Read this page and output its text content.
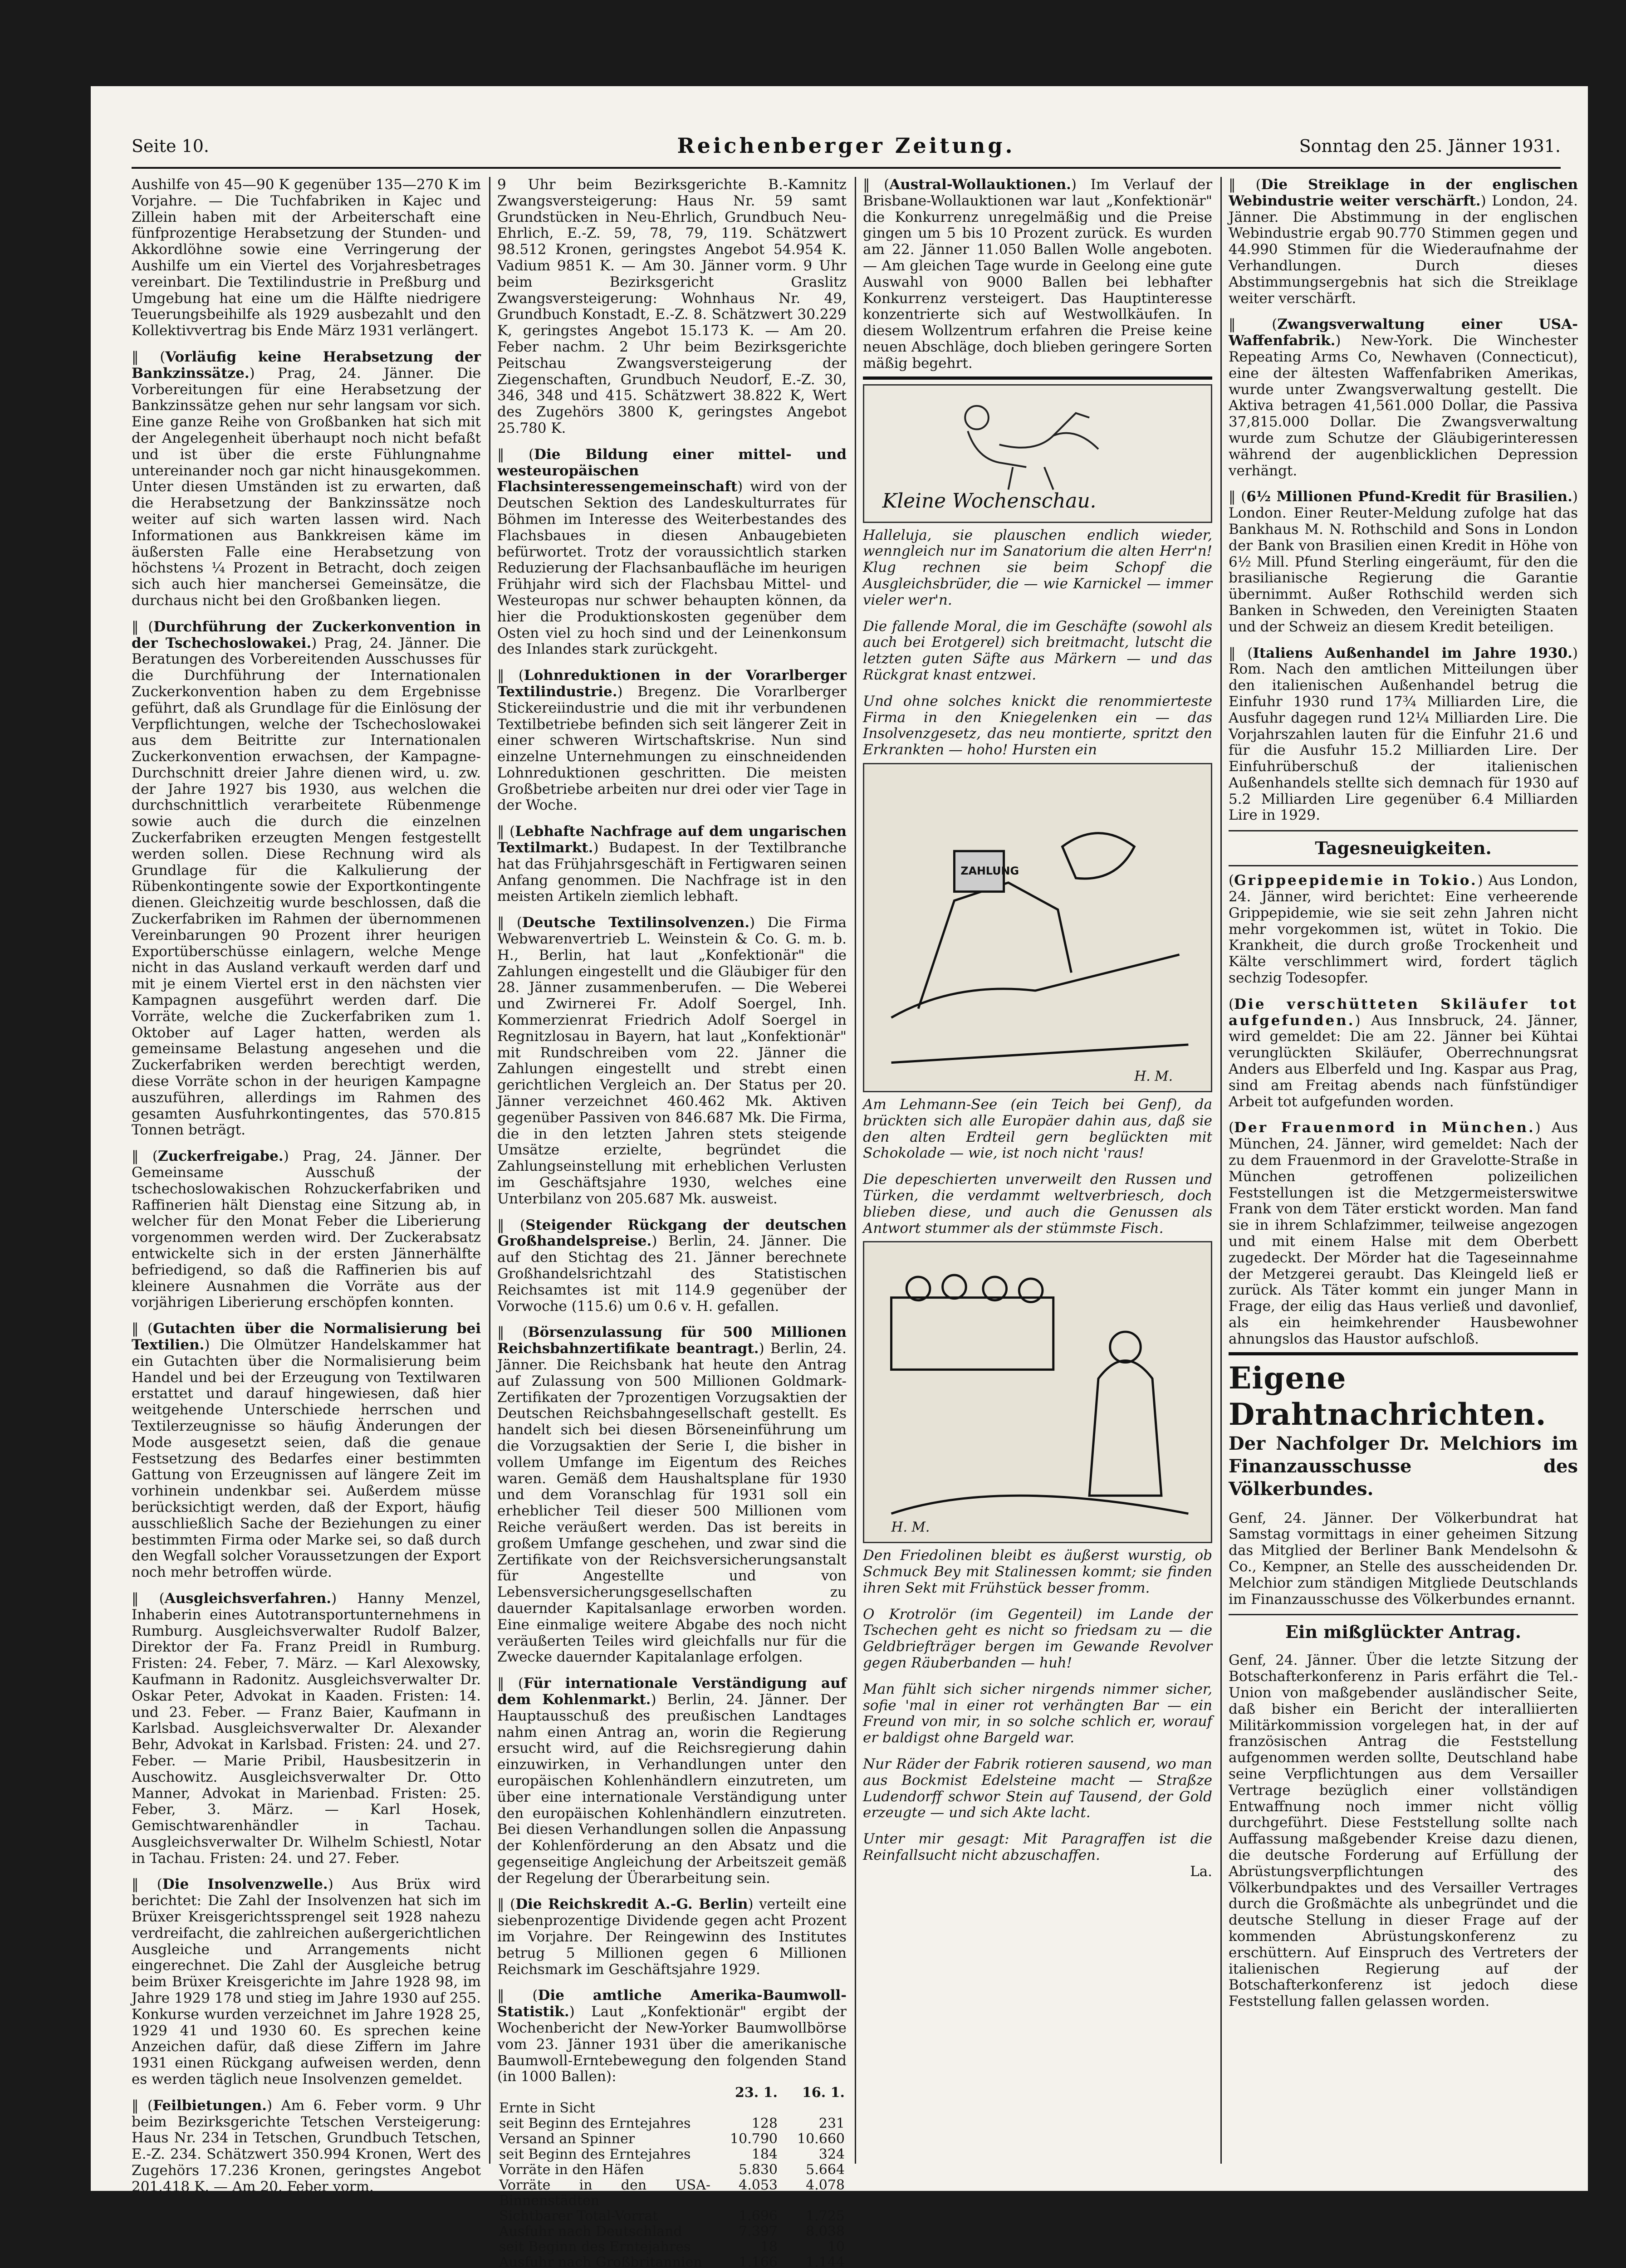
Seite 10.	Reichenberger Zeitung.	Sonntag den 25. Jänner 1931.

Aushilfe von 45—90 K gegenüber 135—270 K im Vorjahre. — Die Tuchfabriken in Kajec und Zillein haben mit der Arbeiterschaft eine fünfprozentige Herabsetzung der Stunden- und Akkordlöhne sowie eine Verringerung der Aushilfe um ein Viertel des Vorjahresbetrages vereinbart. Die Textilindustrie in Preßburg und Umgebung hat eine um die Hälfte niedrigere Teuerungsbeihilfe als 1929 ausbezahlt und den Kollektivvertrag bis Ende März 1931 verlängert.

‖ (Vorläufig keine Herabsetzung der Bankzinssätze.) Prag, 24. Jänner. Die Vorbereitungen für eine Herabsetzung der Bankzinssätze gehen nur sehr langsam vor sich. Eine ganze Reihe von Großbanken hat sich mit der Angelegenheit überhaupt noch nicht befaßt und ist über die erste Fühlungnahme untereinander noch gar nicht hinausgekommen. Unter diesen Umständen ist zu erwarten, daß die Herabsetzung der Bankzinssätze noch weiter auf sich warten lassen wird. Nach Informationen aus Bankkreisen käme im äußersten Falle eine Herabsetzung von höchstens ¼ Prozent in Betracht, doch zeigen sich auch hier manchersei Gemeinsätze, die durchaus nicht bei den Großbanken liegen.

‖ (Durchführung der Zuckerkonvention in der Tschechoslowakei.) Prag, 24. Jänner. Die Beratungen des Vorbereitenden Ausschusses für die Durchführung der Internationalen Zuckerkonvention haben zu dem Ergebnisse geführt, daß als Grundlage für die Einlösung der Verpflichtungen, welche der Tschechoslowakei aus dem Beitritte zur Internationalen Zuckerkonvention erwachsen, der Kampagne-Durchschnitt dreier Jahre dienen wird, u. zw. der Jahre 1927 bis 1930, aus welchen die durchschnittlich verarbeitete Rübenmenge sowie auch die durch die einzelnen Zuckerfabriken erzeugten Mengen festgestellt werden sollen. Diese Rechnung wird als Grundlage für die Kalkulierung der Rübenkontingente sowie der Exportkontingente dienen. Gleichzeitig wurde beschlossen, daß die Zuckerfabriken im Rahmen der übernommenen Vereinbarungen 90 Prozent ihrer heurigen Exportüberschüsse einlagern, welche Menge nicht in das Ausland verkauft werden darf und mit je einem Viertel erst in den nächsten vier Kampagnen ausgeführt werden darf. Die Vorräte, welche die Zuckerfabriken zum 1. Oktober auf Lager hatten, werden als gemeinsame Belastung angesehen und die Zuckerfabriken werden berechtigt werden, diese Vorräte schon in der heurigen Kampagne auszuführen, allerdings im Rahmen des gesamten Ausfuhrkontingentes, das 570.815 Tonnen beträgt.

‖ (Zuckerfreigabe.) Prag, 24. Jänner. Der Gemeinsame Ausschuß der tschechoslowakischen Rohzuckerfabriken und Raffinerien hält Dienstag eine Sitzung ab, in welcher für den Monat Feber die Liberierung vorgenommen werden wird. Der Zuckerabsatz entwickelte sich in der ersten Jännerhälfte befriedigend, so daß die Raffinerien bis auf kleinere Ausnahmen die Vorräte aus der vorjährigen Liberierung erschöpfen konnten.

‖ (Gutachten über die Normalisierung bei Textilien.) Die Olmützer Handelskammer hat ein Gutachten über die Normalisierung beim Handel und bei der Erzeugung von Textilwaren erstattet und darauf hingewiesen, daß hier weitgehende Unterschiede herrschen und Textilerzeugnisse so häufig Änderungen der Mode ausgesetzt seien, daß die genaue Festsetzung des Bedarfes einer bestimmten Gattung von Erzeugnissen auf längere Zeit im vorhinein undenkbar sei. Außerdem müsse berücksichtigt werden, daß der Export, häufig ausschließlich Sache der Beziehungen zu einer bestimmten Firma oder Marke sei, so daß durch den Wegfall solcher Voraussetzungen der Export noch mehr betroffen würde.

‖ (Ausgleichsverfahren.) Hanny Menzel, Inhaberin eines Autotransportunternehmens in Rumburg. Ausgleichsverwalter Rudolf Balzer, Direktor der Fa. Franz Preidl in Rumburg. Fristen: 24. Feber, 7. März. — Karl Alexowsky, Kaufmann in Radonitz. Ausgleichsverwalter Dr. Oskar Peter, Advokat in Kaaden. Fristen: 14. und 23. Feber. — Franz Baier, Kaufmann in Karlsbad. Ausgleichsverwalter Dr. Alexander Behr, Advokat in Karlsbad. Fristen: 24. und 27. Feber. — Marie Pribil, Hausbesitzerin in Auschowitz. Ausgleichsverwalter Dr. Otto Manner, Advokat in Marienbad. Fristen: 25. Feber, 3. März. — Karl Hosek, Gemischtwarenhändler in Tachau. Ausgleichsverwalter Dr. Wilhelm Schiestl, Notar in Tachau. Fristen: 24. und 27. Feber.

‖ (Die Insolvenzwelle.) Aus Brüx wird berichtet: Die Zahl der Insolvenzen hat sich im Brüxer Kreisgerichtssprengel seit 1928 nahezu verdreifacht, die zahlreichen außergerichtlichen Ausgleiche und Arrangements nicht eingerechnet. Die Zahl der Ausgleiche betrug beim Brüxer Kreisgerichte im Jahre 1928 98, im Jahre 1929 178 und stieg im Jahre 1930 auf 255. Konkurse wurden verzeichnet im Jahre 1928 25, 1929 41 und 1930 60. Es sprechen keine Anzeichen dafür, daß diese Ziffern im Jahre 1931 einen Rückgang aufweisen werden, denn es werden täglich neue Insolvenzen gemeldet.

‖ (Feilbietungen.) Am 6. Feber vorm. 9 Uhr beim Bezirksgerichte Tetschen Versteigerung: Haus Nr. 234 in Tetschen, Grundbuch Tetschen, E.-Z. 234. Schätzwert 350.994 Kronen, Wert des Zugehörs 17.236 Kronen, geringstes Angebot 201.418 K. — Am 20. Feber vorm.

9 Uhr beim Bezirksgerichte B.-Kamnitz Zwangsversteigerung: Haus Nr. 59 samt Grundstücken in Neu-Ehrlich, Grundbuch Neu-Ehrlich, E.-Z. 59, 78, 79, 119. Schätzwert 98.512 Kronen, geringstes Angebot 54.954 K. Vadium 9851 K. — Am 30. Jänner vorm. 9 Uhr beim Bezirksgericht Graslitz Zwangsversteigerung: Wohnhaus Nr. 49, Grundbuch Konstadt, E.-Z. 8. Schätzwert 30.229 K, geringstes Angebot 15.173 K. — Am 20. Feber nachm. 2 Uhr beim Bezirksgerichte Peitschau Zwangsversteigerung der Ziegenschaften, Grundbuch Neudorf, E.-Z. 30, 346, 348 und 415. Schätzwert 38.822 K, Wert des Zugehörs 3800 K, geringstes Angebot 25.780 K.

‖ (Die Bildung einer mittel- und westeuropäischen Flachsinteressengemeinschaft) wird von der Deutschen Sektion des Landeskulturrates für Böhmen im Interesse des Weiterbestandes des Flachsbaues in diesen Anbaugebieten befürwortet. Trotz der voraussichtlich starken Reduzierung der Flachsanbaufläche im heurigen Frühjahr wird sich der Flachsbau Mittel- und Westeuropas nur schwer behaupten können, da hier die Produktionskosten gegenüber dem Osten viel zu hoch sind und der Leinenkonsum des Inlandes stark zurückgeht.

‖ (Lohnreduktionen in der Vorarlberger Textilindustrie.) Bregenz. Die Vorarlberger Stickereiindustrie und die mit ihr verbundenen Textilbetriebe befinden sich seit längerer Zeit in einer schweren Wirtschaftskrise. Nun sind einzelne Unternehmungen zu einschneidenden Lohnreduktionen geschritten. Die meisten Großbetriebe arbeiten nur drei oder vier Tage in der Woche.

‖ (Lebhafte Nachfrage auf dem ungarischen Textilmarkt.) Budapest. In der Textilbranche hat das Frühjahrsgeschäft in Fertigwaren seinen Anfang genommen. Die Nachfrage ist in den meisten Artikeln ziemlich lebhaft.

‖ (Deutsche Textilinsolvenzen.) Die Firma Webwarenvertrieb L. Weinstein & Co. G. m. b. H., Berlin, hat laut „Konfektionär" die Zahlungen eingestellt und die Gläubiger für den 28. Jänner zusammenberufen. — Die Weberei und Zwirnerei Fr. Adolf Soergel, Inh. Kommerzienrat Friedrich Adolf Soergel in Regnitzlosau in Bayern, hat laut „Konfektionär" mit Rundschreiben vom 22. Jänner die Zahlungen eingestellt und strebt einen gerichtlichen Vergleich an. Der Status per 20. Jänner verzeichnet 460.462 Mk. Aktiven gegenüber Passiven von 846.687 Mk. Die Firma, die in den letzten Jahren stets steigende Umsätze erzielte, begründet die Zahlungseinstellung mit erheblichen Verlusten im Geschäftsjahre 1930, welches eine Unterbilanz von 205.687 Mk. ausweist.

‖ (Steigender Rückgang der deutschen Großhandelspreise.) Berlin, 24. Jänner. Die auf den Stichtag des 21. Jänner berechnete Großhandelsrichtzahl des Statistischen Reichsamtes ist mit 114.9 gegenüber der Vorwoche (115.6) um 0.6 v. H. gefallen.

‖ (Börsenzulassung für 500 Millionen Reichsbahnzertifikate beantragt.) Berlin, 24. Jänner. Die Reichsbank hat heute den Antrag auf Zulassung von 500 Millionen Goldmark-Zertifikaten der 7prozentigen Vorzugsaktien der Deutschen Reichsbahngesellschaft gestellt. Es handelt sich bei diesen Börseneinführung um die Vorzugsaktien der Serie I, die bisher in vollem Umfange im Eigentum des Reiches waren. Gemäß dem Haushaltsplane für 1930 und dem Voranschlag für 1931 soll ein erheblicher Teil dieser 500 Millionen vom Reiche veräußert werden. Das ist bereits in großem Umfange geschehen, und zwar sind die Zertifikate von der Reichsversicherungsanstalt für Angestellte und von Lebensversicherungsgesellschaften zu dauernder Kapitalsanlage erworben worden. Eine einmalige weitere Abgabe des noch nicht veräußerten Teiles wird gleichfalls nur für die Zwecke dauernder Kapitalanlage erfolgen.

‖ (Für internationale Verständigung auf dem Kohlenmarkt.) Berlin, 24. Jänner. Der Hauptausschuß des preußischen Landtages nahm einen Antrag an, worin die Regierung ersucht wird, auf die Reichsregierung dahin einzuwirken, in Verhandlungen unter den europäischen Kohlenhändlern einzutreten, um über eine internationale Verständigung unter den europäischen Kohlenhändlern einzutreten. Bei diesen Verhandlungen sollen die Anpassung der Kohlenförderung an den Absatz und die gegenseitige Angleichung der Arbeitszeit gemäß der Regelung der Überarbeitung sein.

‖ (Die Reichskredit A.-G. Berlin) verteilt eine siebenprozentige Dividende gegen acht Prozent im Vorjahre. Der Reingewinn des Institutes betrug 5 Millionen gegen 6 Millionen Reichsmark im Geschäftsjahre 1929.

‖ (Die amtliche Amerika-Baumwoll-Statistik.) Laut „Konfektionär" ergibt der Wochenbericht der New-Yorker Baumwollbörse vom 23. Jänner 1931 über die amerikanische Baumwoll-Erntebewegung den folgenden Stand (in 1000 Ballen):

	23. 1.	16. 1.
Ernte in Sicht		
seit Beginn des Erntejahres	128	231
Versand an Spinner	10.790	10.660
seit Beginn des Erntejahres	184	324
Vorräte in den Häfen	5.830	5.664
Vorräte in den USA-Binnenstädten	4.053	4.078
Sichtbarer Total-Vorrat	1.696	1.725
Ausfuhr nach Deutschland	7.397	8.038
seit Beginn des Erntejahres	18	10
Ausfuhr nach Großbritannien	1.166	1.144

‖ (Austral-Wollauktionen.) Im Verlauf der Brisbane-Wollauktionen war laut „Konfektionär" die Konkurrenz unregelmäßig und die Preise gingen um 5 bis 10 Prozent zurück. Es wurden am 22. Jänner 11.050 Ballen Wolle angeboten. — Am gleichen Tage wurde in Geelong eine gute Auswahl von 9000 Ballen bei lebhafter Konkurrenz versteigert. Das Hauptinteresse konzentrierte sich auf Westwollkäufen. In diesem Wollzentrum erfahren die Preise keine neuen Abschläge, doch blieben geringere Sorten mäßig begehrt.

Kleine Wochenschau.

Halleluja, sie plauschen endlich wieder, wenngleich nur im Sanatorium die alten Herr'n! Klug rechnen sie beim Schopf die Ausgleichsbrüder, die — wie Karnickel — immer vieler wer'n.

Die fallende Moral, die im Geschäfte (sowohl als auch bei Erotgerel) sich breitmacht, lutscht die letzten guten Säfte aus Märkern — und das Rückgrat knast entzwei.

Und ohne solches knickt die renommierteste Firma in den Kniegelenken ein — das Insolvenzgesetz, das neu montierte, spritzt den Erkrankten — hoho! Hursten ein

ZAHLUNG
H. M.

Am Lehmann-See (ein Teich bei Genf), da brückten sich alle Europäer dahin aus, daß sie den alten Erdteil gern beglückten mit Schokolade — wie, ist noch nicht 'raus!

Die depeschierten unverweilt den Russen und Türken, die verdammt weltverbriesch, doch blieben diese, und auch die Genussen als Antwort stummer als der stümmste Fisch.

H. M.

Den Friedolinen bleibt es äußerst wurstig, ob Schmuck Bey mit Stalinessen kommt; sie finden ihren Sekt mit Frühstück besser fromm.

O Krotrolör (im Gegenteil) im Lande der Tschechen geht es nicht so friedsam zu — die Geldbriefträger bergen im Gewande Revolver gegen Räuberbanden — huh!

Man fühlt sich sicher nirgends nimmer sicher, sofie 'mal in einer rot verhängten Bar — ein Freund von mir, in so solche schlich er, worauf er baldigst ohne Bargeld war.

Nur Räder der Fabrik rotieren sausend, wo man aus Bockmist Edelsteine macht — Straßze Ludendorff schwor Stein auf Tausend, der Gold erzeugte — und sich Akte lacht.

Unter mir gesagt: Mit Paragraffen ist die Reinfallsucht nicht abzuschaffen.

La.

‖ (Die Streiklage in der englischen Webindustrie weiter verschärft.) London, 24. Jänner. Die Abstimmung in der englischen Webindustrie ergab 90.770 Stimmen gegen und 44.990 Stimmen für die Wiederaufnahme der Verhandlungen. Durch dieses Abstimmungsergebnis hat sich die Streiklage weiter verschärft.

‖ (Zwangsverwaltung einer USA-Waffenfabrik.) New-York. Die Winchester Repeating Arms Co, Newhaven (Connecticut), eine der ältesten Waffenfabriken Amerikas, wurde unter Zwangsverwaltung gestellt. Die Aktiva betragen 41,561.000 Dollar, die Passiva 37,815.000 Dollar. Die Zwangsverwaltung wurde zum Schutze der Gläubigerinteressen während der augenblicklichen Depression verhängt.

‖ (6½ Millionen Pfund-Kredit für Brasilien.) London. Einer Reuter-Meldung zufolge hat das Bankhaus M. N. Rothschild and Sons in London der Bank von Brasilien einen Kredit in Höhe von 6½ Mill. Pfund Sterling eingeräumt, für den die brasilianische Regierung die Garantie übernimmt. Außer Rothschild werden sich Banken in Schweden, den Vereinigten Staaten und der Schweiz an diesem Kredit beteiligen.

‖ (Italiens Außenhandel im Jahre 1930.) Rom. Nach den amtlichen Mitteilungen über den italienischen Außenhandel betrug die Einfuhr 1930 rund 17¾ Milliarden Lire, die Ausfuhr dagegen rund 12¼ Milliarden Lire. Die Vorjahrszahlen lauten für die Einfuhr 21.6 und für die Ausfuhr 15.2 Milliarden Lire. Der Einfuhrüberschuß der italienischen Außenhandels stellte sich demnach für 1930 auf 5.2 Milliarden Lire gegenüber 6.4 Milliarden Lire in 1929.

Tagesneuigkeiten.

(Grippeepidemie in Tokio.) Aus London, 24. Jänner, wird berichtet: Eine verheerende Grippepidemie, wie sie seit zehn Jahren nicht mehr vorgekommen ist, wütet in Tokio. Die Krankheit, die durch große Trockenheit und Kälte verschlimmert wird, fordert täglich sechzig Todesopfer.

(Die verschütteten Skiläufer tot aufgefunden.) Aus Innsbruck, 24. Jänner, wird gemeldet: Die am 22. Jänner bei Kühtai verunglückten Skiläufer, Oberrechnungsrat Anders aus Elberfeld und Ing. Kaspar aus Prag, sind am Freitag abends nach fünfstündiger Arbeit tot aufgefunden worden.

(Der Frauenmord in München.) Aus München, 24. Jänner, wird gemeldet: Nach der zu dem Frauenmord in der Gravelotte-Straße in München getroffenen polizeilichen Feststellungen ist die Metzgermeisterswitwe Frank von dem Täter erstickt worden. Man fand sie in ihrem Schlafzimmer, teilweise angezogen und mit einem Halse mit dem Oberbett zugedeckt. Der Mörder hat die Tageseinnahme der Metzgerei geraubt. Das Kleingeld ließ er zurück. Als Täter kommt ein junger Mann in Frage, der eilig das Haus verließ und davonlief, als ein heimkehrender Hausbewohner ahnungslos das Haustor aufschloß.

Eigene Drahtnachrichten.
Der Nachfolger Dr. Melchiors im Finanzausschusse des Völkerbundes.

Genf, 24. Jänner. Der Völkerbundrat hat Samstag vormittags in einer geheimen Sitzung das Mitglied der Berliner Bank Mendelsohn & Co., Kempner, an Stelle des ausscheidenden Dr. Melchior zum ständigen Mitgliede Deutschlands im Finanzausschusse des Völkerbundes ernannt.

Ein mißglückter Antrag.

Genf, 24. Jänner. Über die letzte Sitzung der Botschafterkonferenz in Paris erfährt die Tel.-Union von maßgebender ausländischer Seite, daß bisher ein Bericht der interalliierten Militärkommission vorgelegen hat, in der auf französischen Antrag die Feststellung aufgenommen werden sollte, Deutschland habe seine Verpflichtungen aus dem Versailler Vertrage bezüglich einer vollständigen Entwaffnung noch immer nicht völlig durchgeführt. Diese Feststellung sollte nach Auffassung maßgebender Kreise dazu dienen, die deutsche Forderung auf Erfüllung der Abrüstungsverpflichtungen des Völkerbundpaktes und des Versailler Vertrages durch die Großmächte als unbegründet und die deutsche Stellung in dieser Frage auf der kommenden Abrüstungskonferenz zu erschüttern. Auf Einspruch des Vertreters der italienischen Regierung auf der Botschafterkonferenz ist jedoch diese Feststellung fallen gelassen worden.
